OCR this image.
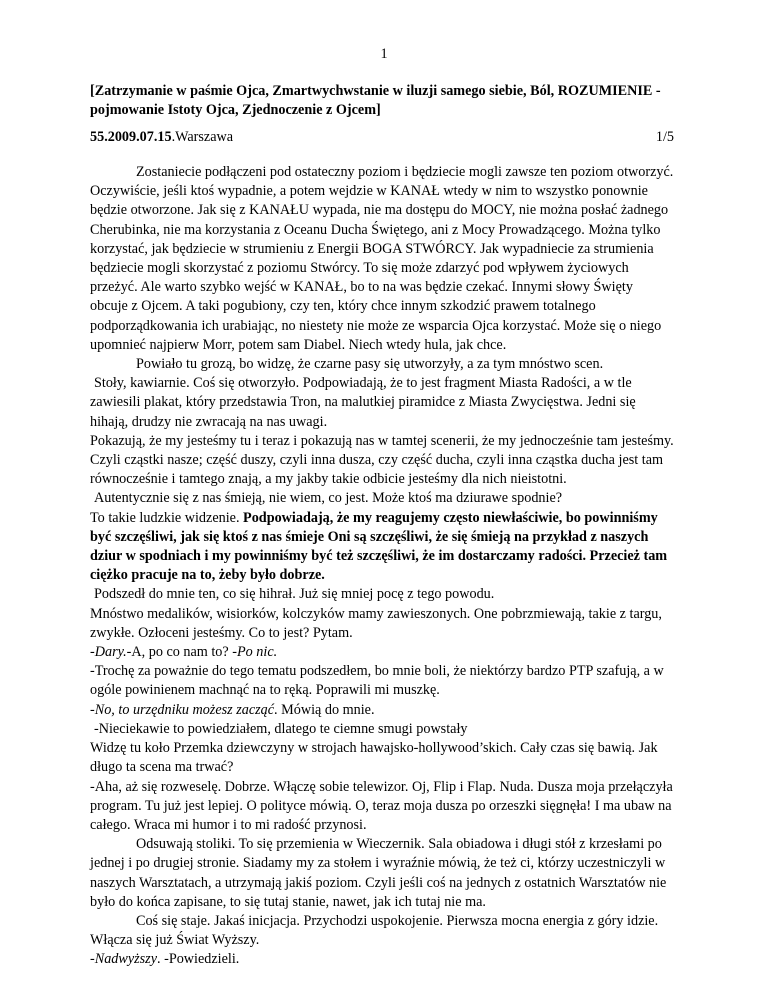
1
[Zatrzymanie w paśmie Ojca, Zmartwychwstanie w iluzji samego siebie, Ból, ROZUMIENIE -pojmowanie Istoty Ojca, Zjednoczenie z Ojcem]
55.2009.07.15.Warszawa	1/5

Zostaniecie podłączeni pod ostateczny poziom i będziecie mogli zawsze ten poziom otworzyć. Oczywiście, jeśli ktoś wypadnie, a potem wejdzie w KANAŁ wtedy w nim to wszystko ponownie będzie otworzone. Jak się z KANAŁU wypada, nie ma dostępu do MOCY, nie można posłać żadnego Cherubinka, nie ma korzystania z Oceanu Ducha Świętego, ani z Mocy Prowadzącego. Można tylko korzystać, jak będziecie w strumieniu z Energii BOGA STWÓRCY. Jak wypadniecie za strumienia będziecie mogli skorzystać z poziomu Stwórcy. To się może zdarzyć pod wpływem życiowych przeżyć. Ale warto szybko wejść w KANAŁ, bo to na was będzie czekać. Innymi słowy Święty obcuje z Ojcem. A taki pogubiony, czy ten, który chce innym szkodzić prawem totalnego podporządkowania ich urabiając, no niestety nie może ze wsparcia Ojca korzystać. Może się o niego upomnieć najpierw Morr, potem sam Diabel. Niech wtedy hula, jak chce.

Powiało tu grozą, bo widzę, że czarne pasy się utworzyły, a za tym mnóstwo scen.

Stoły, kawiarnie. Coś się otworzyło. Podpowiadają, że to jest fragment Miasta Radości, a w tle zawiesili plakat, który przedstawia Tron, na malutkiej piramidce z Miasta Zwycięstwa. Jedni się hihają, drudzy nie zwracają na nas uwagi.

Pokazują, że my jesteśmy tu i teraz i pokazują nas w tamtej scenerii, że my jednocześnie tam jesteśmy. Czyli cząstki nasze; część duszy, czyli inna dusza, czy część ducha, czyli inna cząstka ducha jest tam równocześnie i tamtego znają, a my jakby takie odbicie jesteśmy dla nich nieistotni.

Autentycznie się z nas śmieją, nie wiem, co jest. Może ktoś ma dziurawe spodnie?

To takie ludzkie widzenie. Podpowiadają, że my reagujemy często niewłaściwie, bo powinniśmy być szczęśliwi, jak się ktoś z nas śmieje Oni są szczęśliwi, że się śmieją na przykład z naszych dziur w spodniach i my powinniśmy być też szczęśliwi, że im dostarczamy radości. Przecież tam ciężko pracuje na to, żeby było dobrze.

Podszedł do mnie ten, co się hihrał. Już się mniej pocę z tego powodu.

Mnóstwo medalików, wisiorków, kolczyków mamy zawieszonych. One pobrzmiewają, takie z targu, zwykłe. Ozłoceni jesteśmy. Co to jest? Pytam.

-Dary.-A, po co nam to? -Po nic.

-Trochę za poważnie do tego tematu podszedłem, bo mnie boli, że niektórzy bardzo PTP szafują, a w ogóle powinienem machnąć na to ręką. Poprawili mi muszkę.

-No, to urzędniku możesz zacząć. Mówią do mnie.

-Nieciekawie to powiedziałem, dlatego te ciemne smugi powstały

Widzę tu koło Przemka dziewczyny w strojach hawajsko-hollywood’skich. Cały czas się bawią. Jak długo ta scena ma trwać?

-Aha, aż się rozweselę. Dobrze. Włączę sobie telewizor. Oj, Flip i Flap. Nuda. Dusza moja przełączyła program. Tu już jest lepiej. O polityce mówią. O, teraz moja dusza po orzeszki sięgnęła! I ma ubaw na całego. Wraca mi humor i to mi radość przynosi.

Odsuwają stoliki. To się przemienia w Wieczernik. Sala obiadowa i długi stół z krzesłami po jednej i po drugiej stronie. Siadamy my za stołem i wyraźnie mówią, że też ci, którzy uczestniczyli w naszych Warsztatach, a utrzymają jakiś poziom. Czyli jeśli coś na jednych z ostatnich Warsztatów nie było do końca zapisane, to się tutaj stanie, nawet, jak ich tutaj nie ma.

Coś się staje. Jakaś inicjacja. Przychodzi uspokojenie. Pierwsza mocna energia z góry idzie. Włącza się już Świat Wyższy.

-Nadwyższy. -Powiedzieli.
